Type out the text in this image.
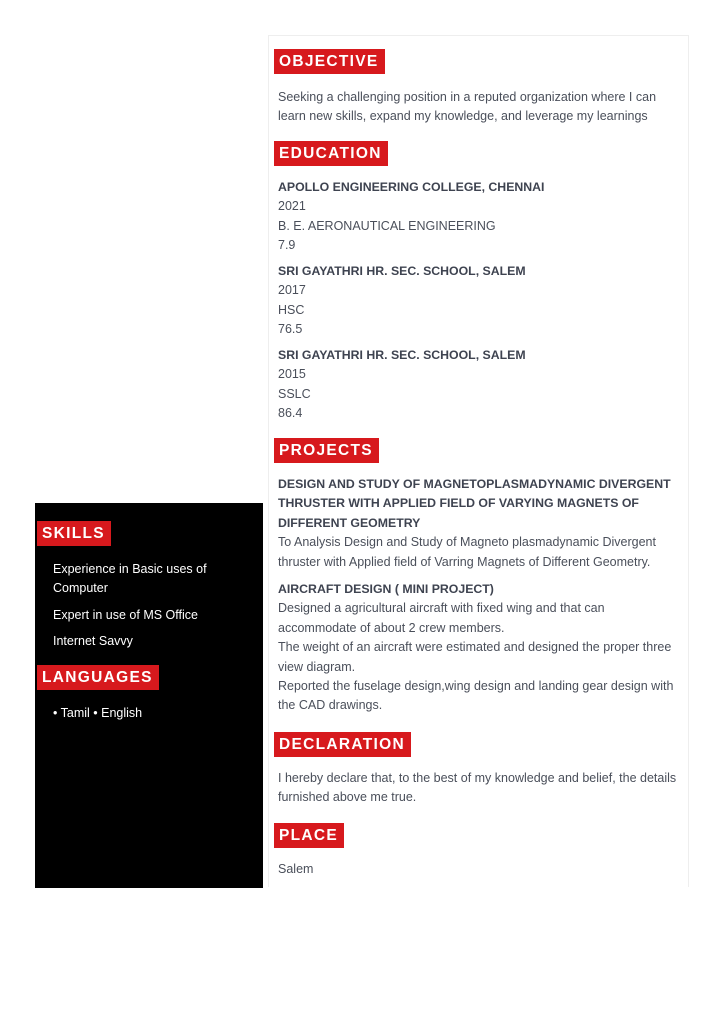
SKILLS
Experience in Basic uses of Computer
Expert in use of MS Office
Internet Savvy
LANGUAGES
• Tamil • English
OBJECTIVE
Seeking a challenging position in a reputed organization where I can learn new skills, expand my knowledge, and leverage my learnings
EDUCATION
APOLLO ENGINEERING COLLEGE, CHENNAI
2021
B. E. AERONAUTICAL ENGINEERING
7.9
SRI GAYATHRI HR. SEC. SCHOOL, SALEM
2017
HSC
76.5
SRI GAYATHRI HR. SEC. SCHOOL, SALEM
2015
SSLC
86.4
PROJECTS
DESIGN AND STUDY OF MAGNETOPLASMADYNAMIC DIVERGENT THRUSTER WITH APPLIED FIELD OF VARYING MAGNETS OF DIFFERENT GEOMETRY
To Analysis Design and Study of Magneto plasmadynamic Divergent thruster with Applied field of Varring Magnets of Different Geometry.
AIRCRAFT DESIGN ( MINI PROJECT)
Designed a agricultural aircraft with fixed wing and that can accommodate of about 2 crew members.
The weight of an aircraft were estimated and designed the proper three view diagram.
Reported the fuselage design,wing design and landing gear design with the CAD drawings.
DECLARATION
I hereby declare that, to the best of my knowledge and belief, the details furnished above me true.
PLACE
Salem
